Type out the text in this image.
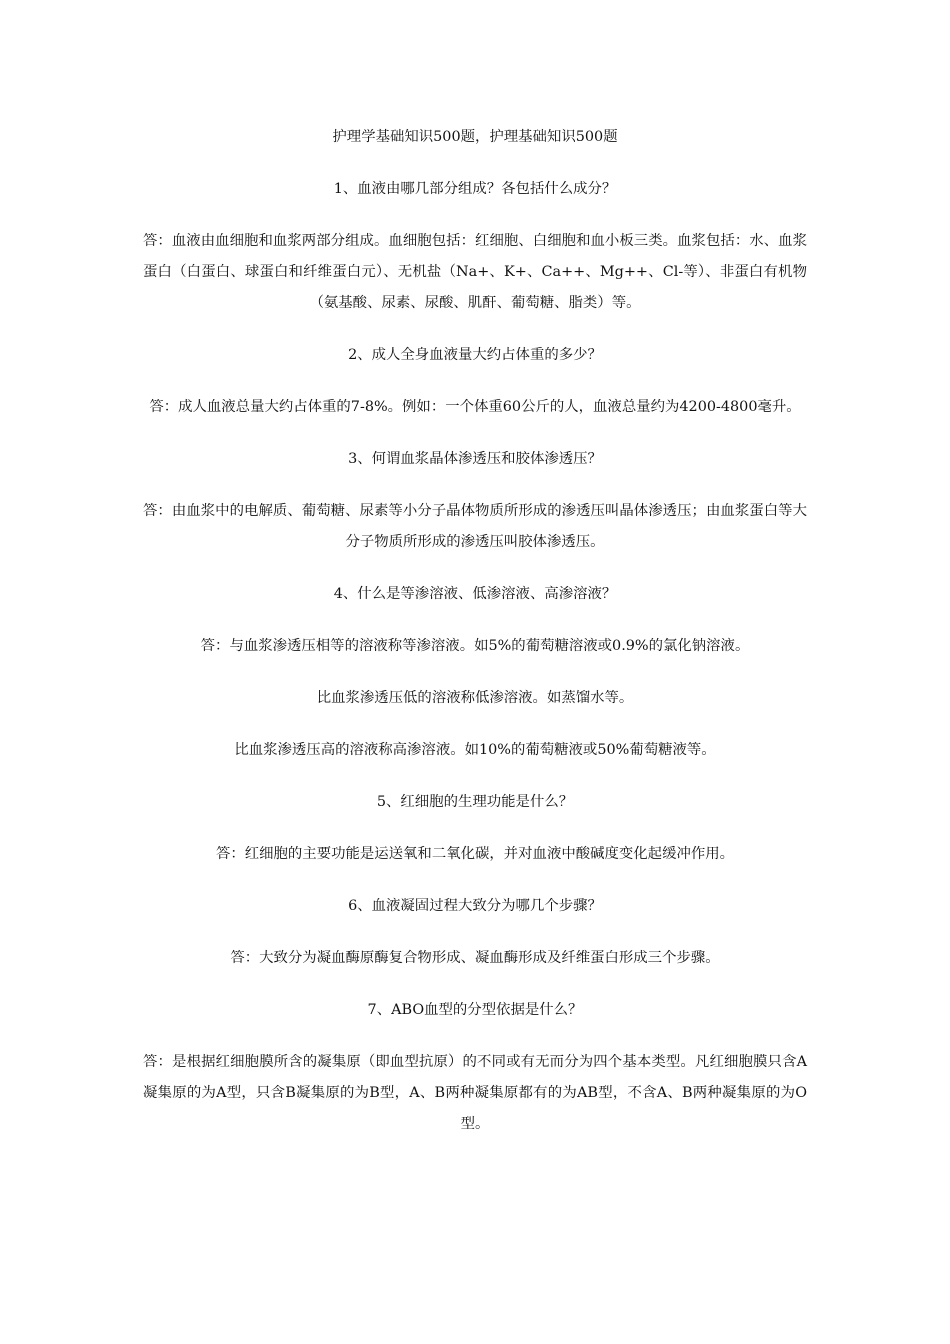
护理学基础知识500题，护理基础知识500题

1、血液由哪几部分组成？各包括什么成分？

答：血液由血细胞和血浆两部分组成。血细胞包括：红细胞、白细胞和血小板三类。血浆包括：水、血浆蛋白（白蛋白、球蛋白和纤维蛋白元）、无机盐（Na+、K+、Ca++、Mg++、Cl-等）、非蛋白有机物（氨基酸、尿素、尿酸、肌酐、葡萄糖、脂类）等。

2、成人全身血液量大约占体重的多少？

答：成人血液总量大约占体重的7-8%。例如：一个体重60公斤的人，血液总量约为4200-4800毫升。

3、何谓血浆晶体渗透压和胶体渗透压？

答：由血浆中的电解质、葡萄糖、尿素等小分子晶体物质所形成的渗透压叫晶体渗透压；由血浆蛋白等大分子物质所形成的渗透压叫胶体渗透压。

4、什么是等渗溶液、低渗溶液、高渗溶液？

答：与血浆渗透压相等的溶液称等渗溶液。如5%的葡萄糖溶液或0.9%的氯化钠溶液。

比血浆渗透压低的溶液称低渗溶液。如蒸馏水等。

比血浆渗透压高的溶液称高渗溶液。如10%的葡萄糖液或50%葡萄糖液等。

5、红细胞的生理功能是什么？

答：红细胞的主要功能是运送氧和二氧化碳，并对血液中酸碱度变化起缓冲作用。

6、血液凝固过程大致分为哪几个步骤？

答：大致分为凝血酶原酶复合物形成、凝血酶形成及纤维蛋白形成三个步骤。

7、ABO血型的分型依据是什么？

答：是根据红细胞膜所含的凝集原（即血型抗原）的不同或有无而分为四个基本类型。凡红细胞膜只含A凝集原的为A型，只含B凝集原的为B型，A、B两种凝集原都有的为AB型，不含A、B两种凝集原的为O型。
